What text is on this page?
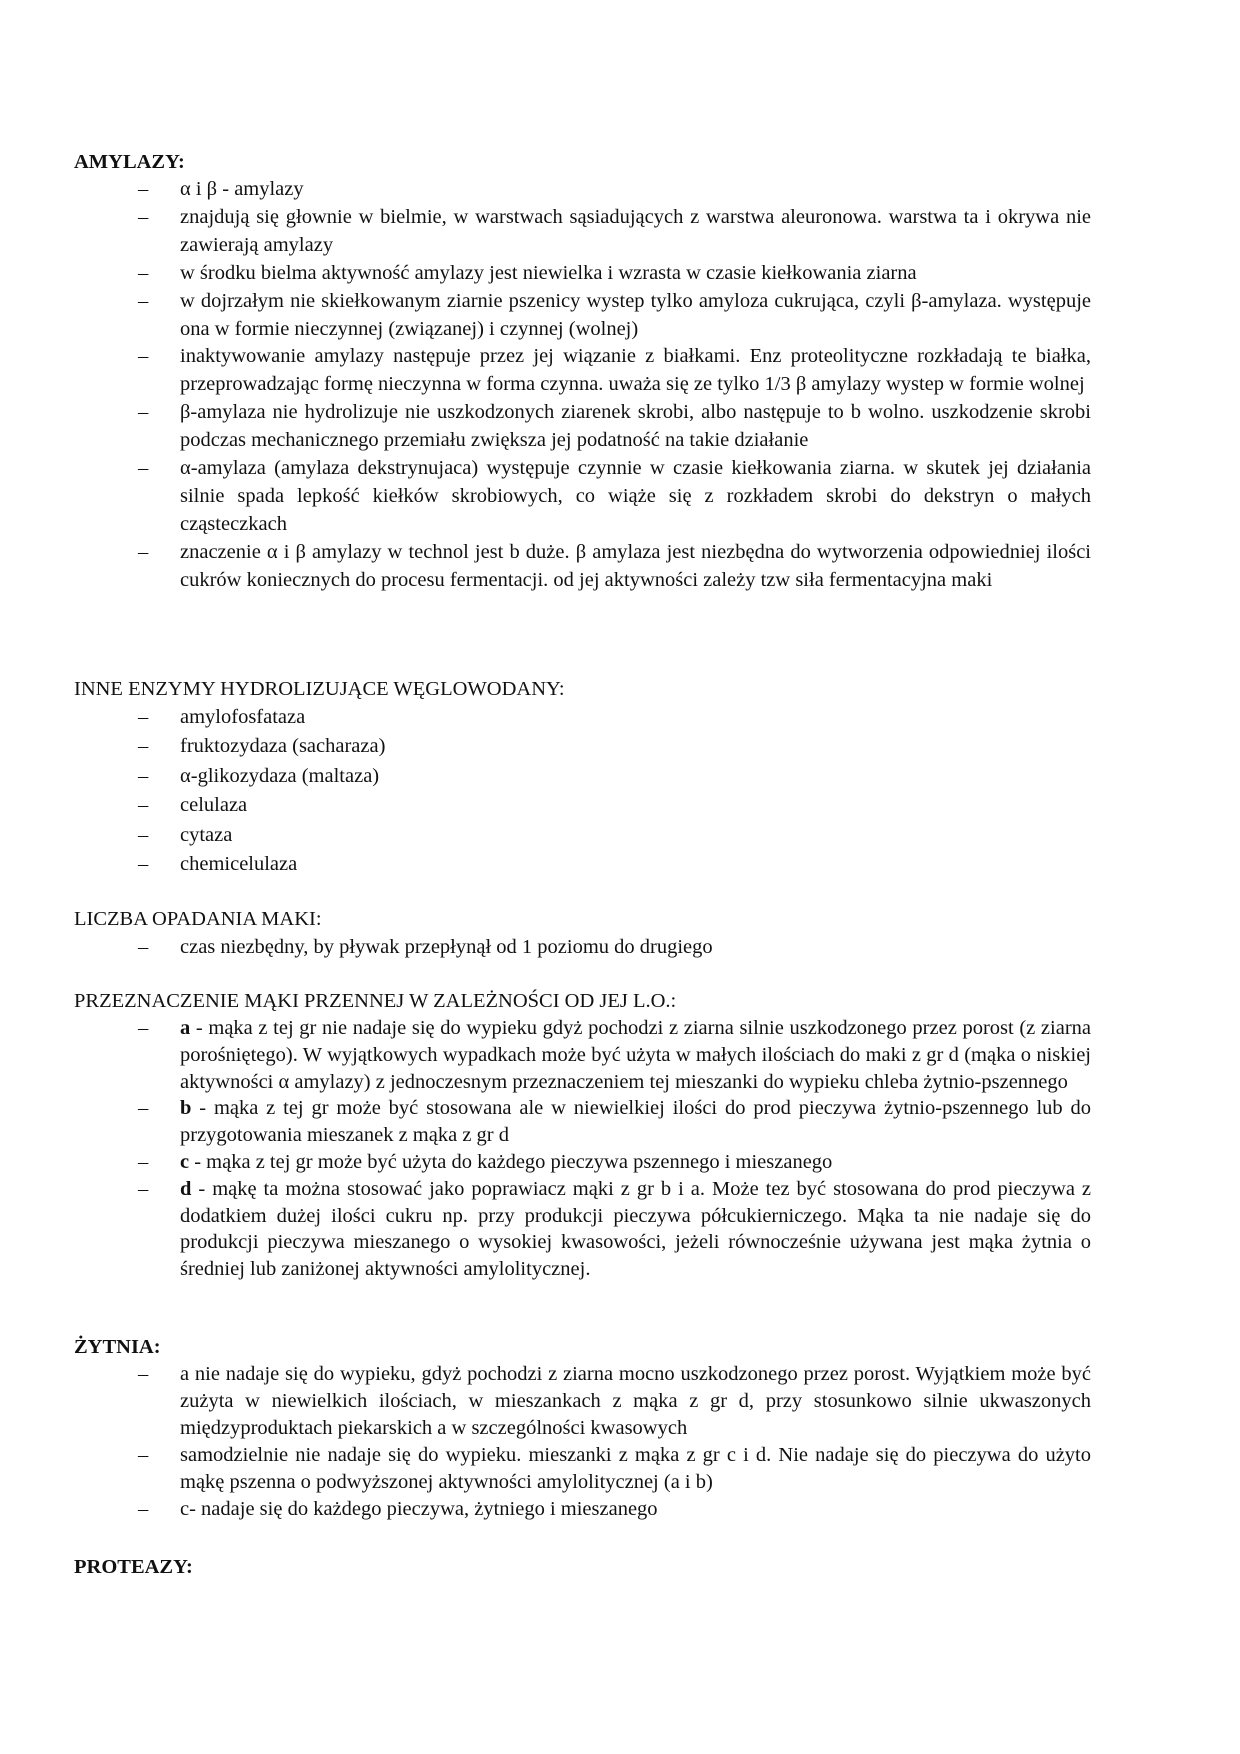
AMYLAZY:
– α i β - amylazy
– znajdują się głownie w bielmie, w warstwach sąsiadujących z warstwa aleuronowa. warstwa ta i okrywa nie zawierają amylazy
– w środku bielma aktywność amylazy jest niewielka i wzrasta w czasie kiełkowania ziarna
– w dojrzałym nie skiełkowanym ziarnie pszenicy wystep tylko amyloza cukrująca, czyli β-amylaza. występuje ona w formie nieczynnej (związanej) i czynnej (wolnej)
– inaktywowanie amylazy następuje przez jej wiązanie z białkami. Enz proteolityczne rozkładają te białka, przeprowadzając formę nieczynna w forma czynna. uważa się ze tylko 1/3 β amylazy wystep w formie wolnej
– β-amylaza nie hydrolizuje nie uszkodzonych ziarenek skrobi, albo następuje to b wolno. uszkodzenie skrobi podczas mechanicznego przemiału zwiększa jej podatność na takie działanie
– α-amylaza (amylaza dekstrynujaca) występuje czynnie w czasie kiełkowania ziarna. w skutek jej działania silnie spada lepkość kiełków skrobiowych, co wiąże się z rozkładem skrobi do dekstryn o małych cząsteczkach
– znaczenie α i β amylazy w technol jest b duże. β amylaza jest niezbędna do wytworzenia odpowiedniej ilości cukrów koniecznych do procesu fermentacji. od jej aktywności zależy tzw siła fermentacyjna maki
INNE ENZYMY HYDROLIZUJĄCE WĘGLOWODANY:
– amylofosfataza
– fruktozydaza (sacharaza)
– α-glikozydaza (maltaza)
– celulaza
– cytaza
– chemicelulaza
LICZBA OPADANIA MAKI:
– czas niezbędny, by pływak przepłynął od 1 poziomu do drugiego
PRZEZNACZENIE MĄKI PRZENNEJ W ZALEŻNOŚCI OD JEJ L.O.:
– a - mąka z tej gr nie nadaje się do wypieku gdyż pochodzi z ziarna silnie uszkodzonego przez porost (z ziarna porośniętego). W wyjątkowych wypadkach może być użyta w małych ilościach do maki z gr d (mąka o niskiej aktywności α amylazy) z jednoczesnym przeznaczeniem tej mieszanki do wypieku chleba żytnio-pszennego
– b - mąka z tej gr może być stosowana ale w niewielkiej ilości do prod pieczywa żytnio-pszennego lub do przygotowania mieszanek z mąka z gr d
– c - mąka z tej gr może być użyta do każdego pieczywa pszennego i mieszanego
– d - mąkę ta można stosować jako poprawiacz mąki z gr b i a. Może tez być stosowana do prod pieczywa z dodatkiem dużej ilości cukru np. przy produkcji pieczywa półcukierniczego. Mąka ta nie nadaje się do produkcji pieczywa mieszanego o wysokiej kwasowości, jeżeli równocześnie używana jest mąka żytnia o średniej lub zaniżonej aktywności amylolitycznej.
ŻYTNIA:
– a nie nadaje się do wypieku, gdyż pochodzi z ziarna mocno uszkodzonego przez porost. Wyjątkiem może być zużyta w niewielkich ilościach, w mieszankach z mąka z gr d, przy stosunkowo silnie ukwaszonych międzyproduktach piekarskich a w szczególności kwasowych
– samodzielnie nie nadaje się do wypieku. mieszanki z mąka z gr c i d. Nie nadaje się do pieczywa do użyto mąkę pszenna o podwyższonej aktywności amylolitycznej (a i b)
– c- nadaje się do każdego pieczywa, żytniego i mieszanego
PROTEAZY:
